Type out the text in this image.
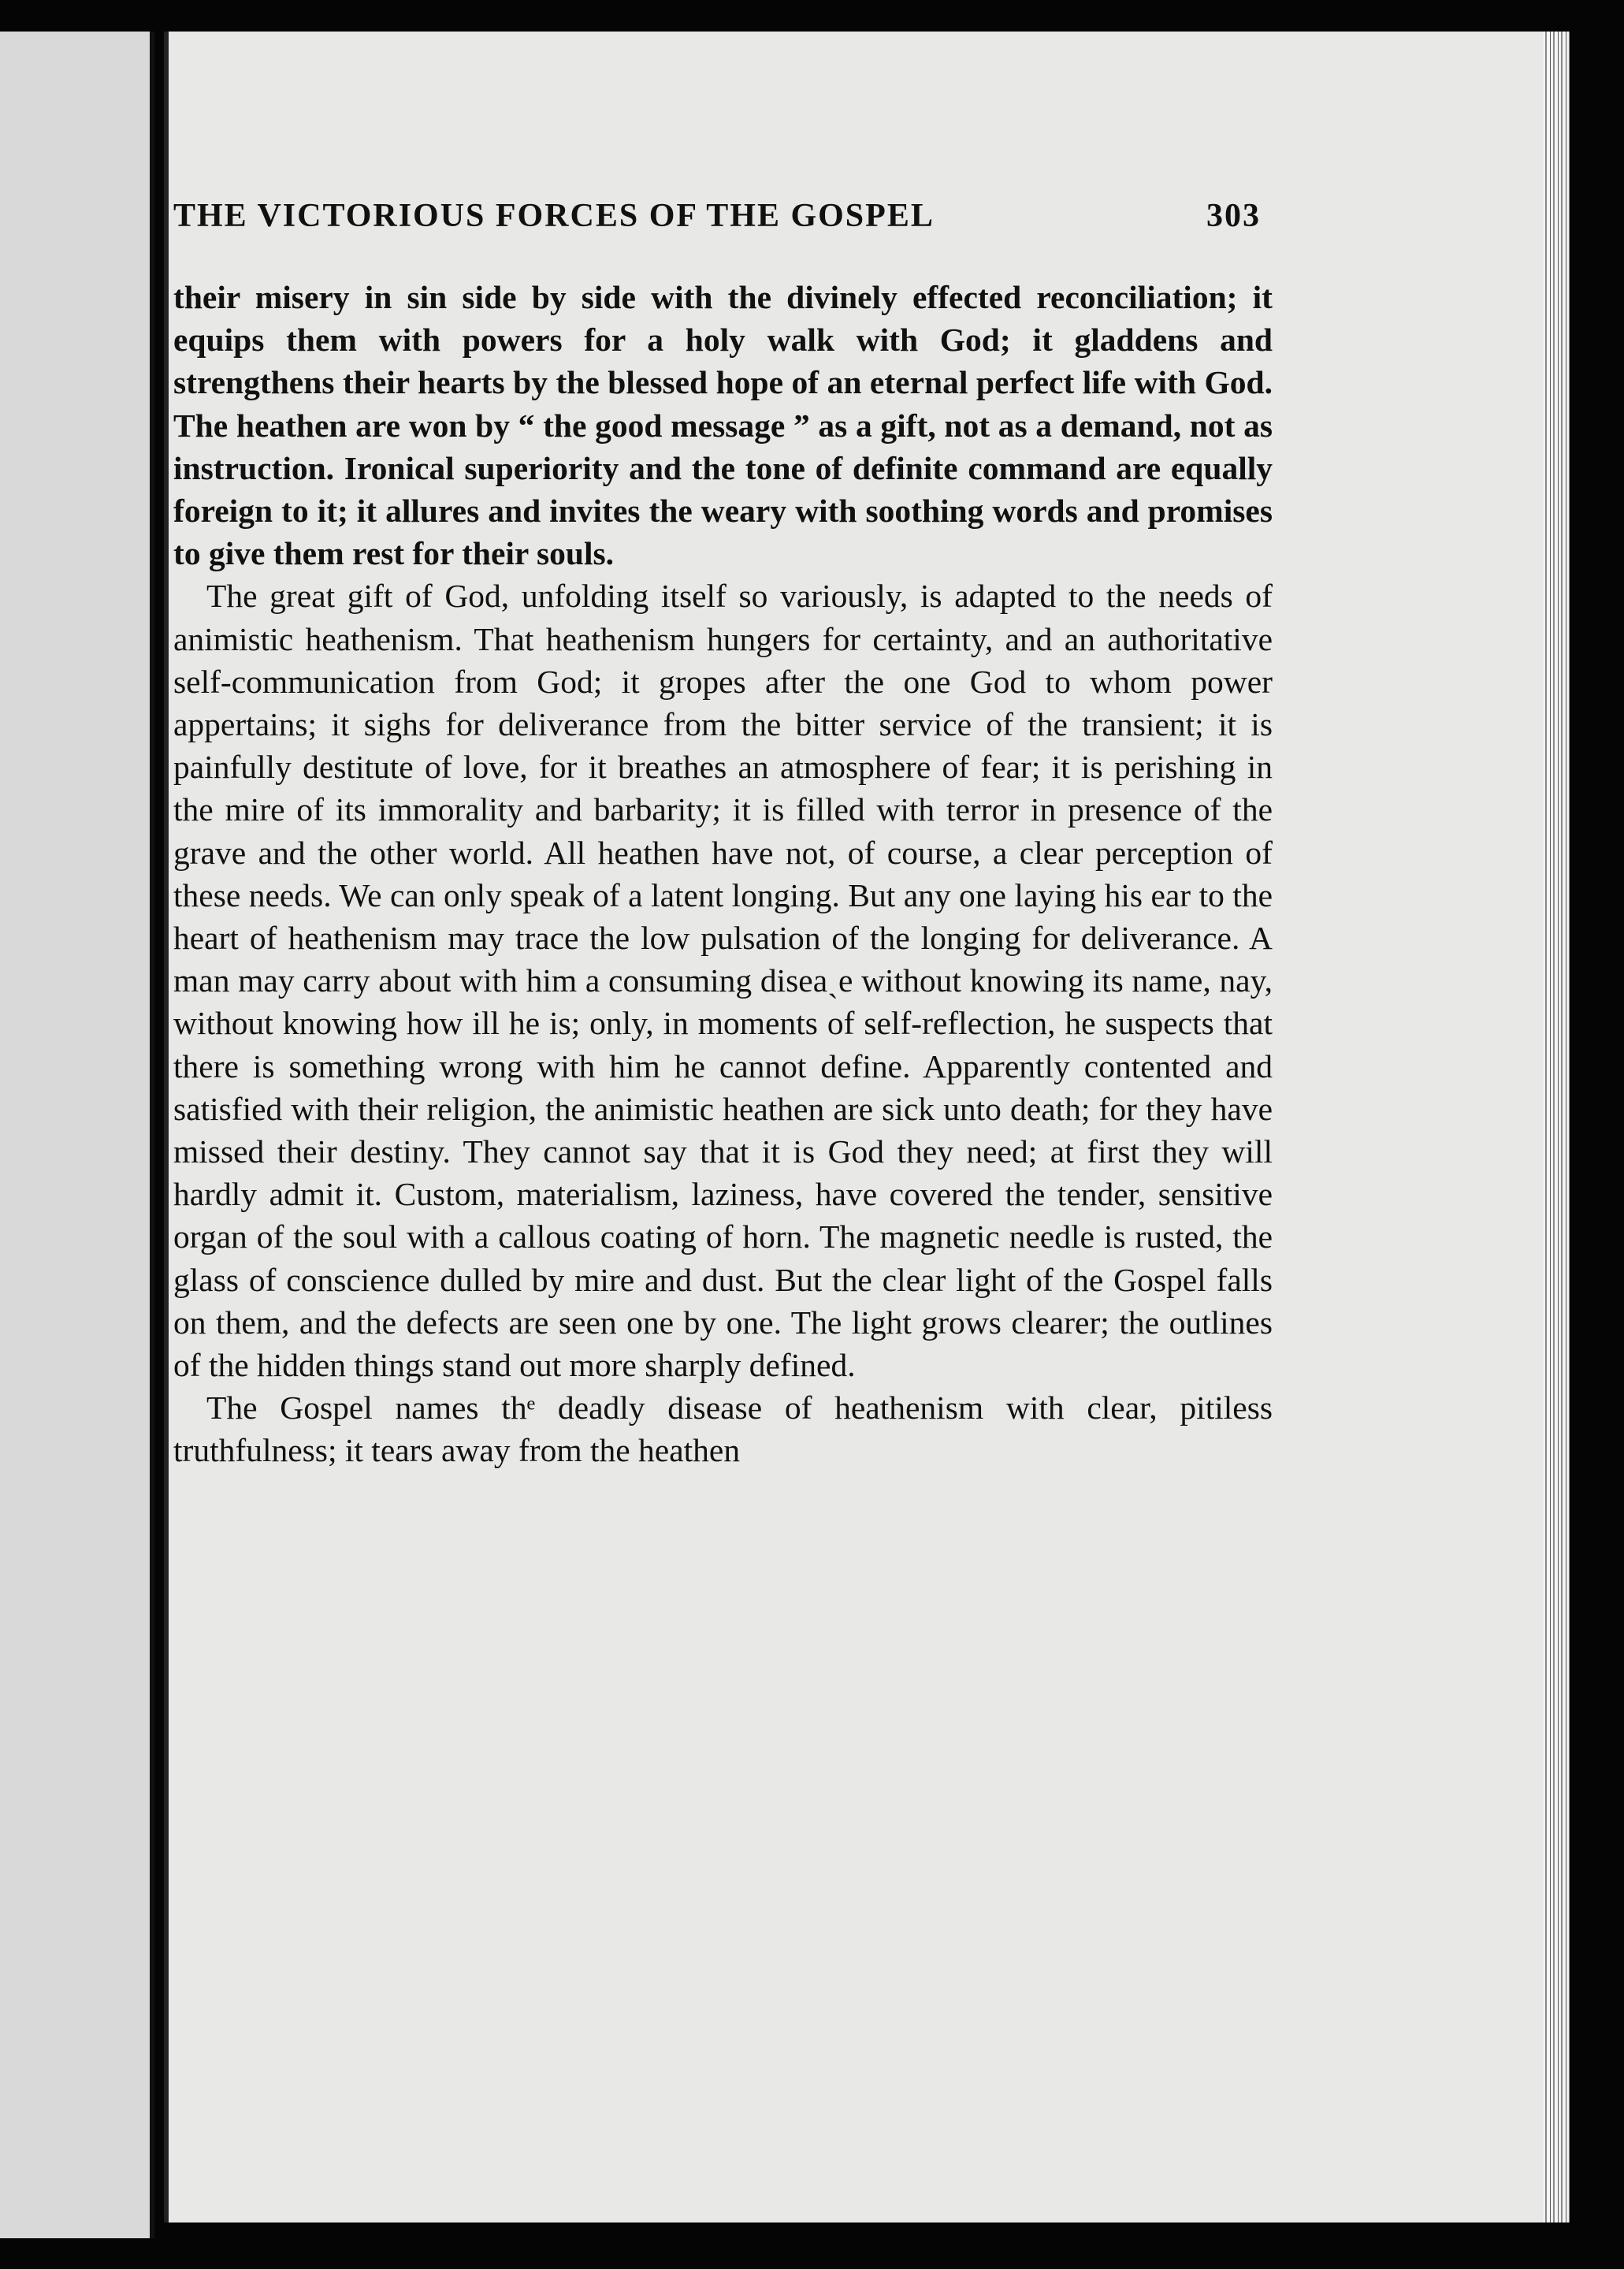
THE VICTORIOUS FORCES OF THE GOSPEL	303

their misery in sin side by side with the divinely effected reconciliation; it equips them with powers for a holy walk with God; it gladdens and strengthens their hearts by the blessed hope of an eternal perfect life with God. The heathen are won by “ the good message ” as a gift, not as a demand, not as instruction. Ironical superiority and the tone of definite command are equally foreign to it; it allures and invites the weary with soothing words and promises to give them rest for their souls.

The great gift of God, unfolding itself so variously, is adapted to the needs of animistic heathenism. That heathenism hungers for certainty, and an authoritative self-communication from God; it gropes after the one God to whom power appertains; it sighs for deliverance from the bitter service of the transient; it is painfully destitute of love, for it breathes an atmosphere of fear; it is perishing in the mire of its immorality and barbarity; it is filled with terror in presence of the grave and the other world. All heathen have not, of course, a clear perception of these needs. We can only speak of a latent longing. But any one laying his ear to the heart of heathenism may trace the low pulsation of the longing for deliverance. A man may carry about with him a consuming diseaˏe without knowing its name, nay, without knowing how ill he is; only, in moments of self-reflection, he suspects that there is something wrong with him he cannot define. Apparently contented and satisfied with their religion, the animistic heathen are sick unto death; for they have missed their destiny. They cannot say that it is God they need; at first they will hardly admit it. Custom, materialism, laziness, have covered the tender, sensitive organ of the soul with a callous coating of horn. The magnetic needle is rusted, the glass of conscience dulled by mire and dust. But the clear light of the Gospel falls on them, and the defects are seen one by one. The light grows clearer; the outlines of the hidden things stand out more sharply defined.

The Gospel names thᵉ deadly disease of heathenism with clear, pitiless truthfulness; it tears away from the heathen
